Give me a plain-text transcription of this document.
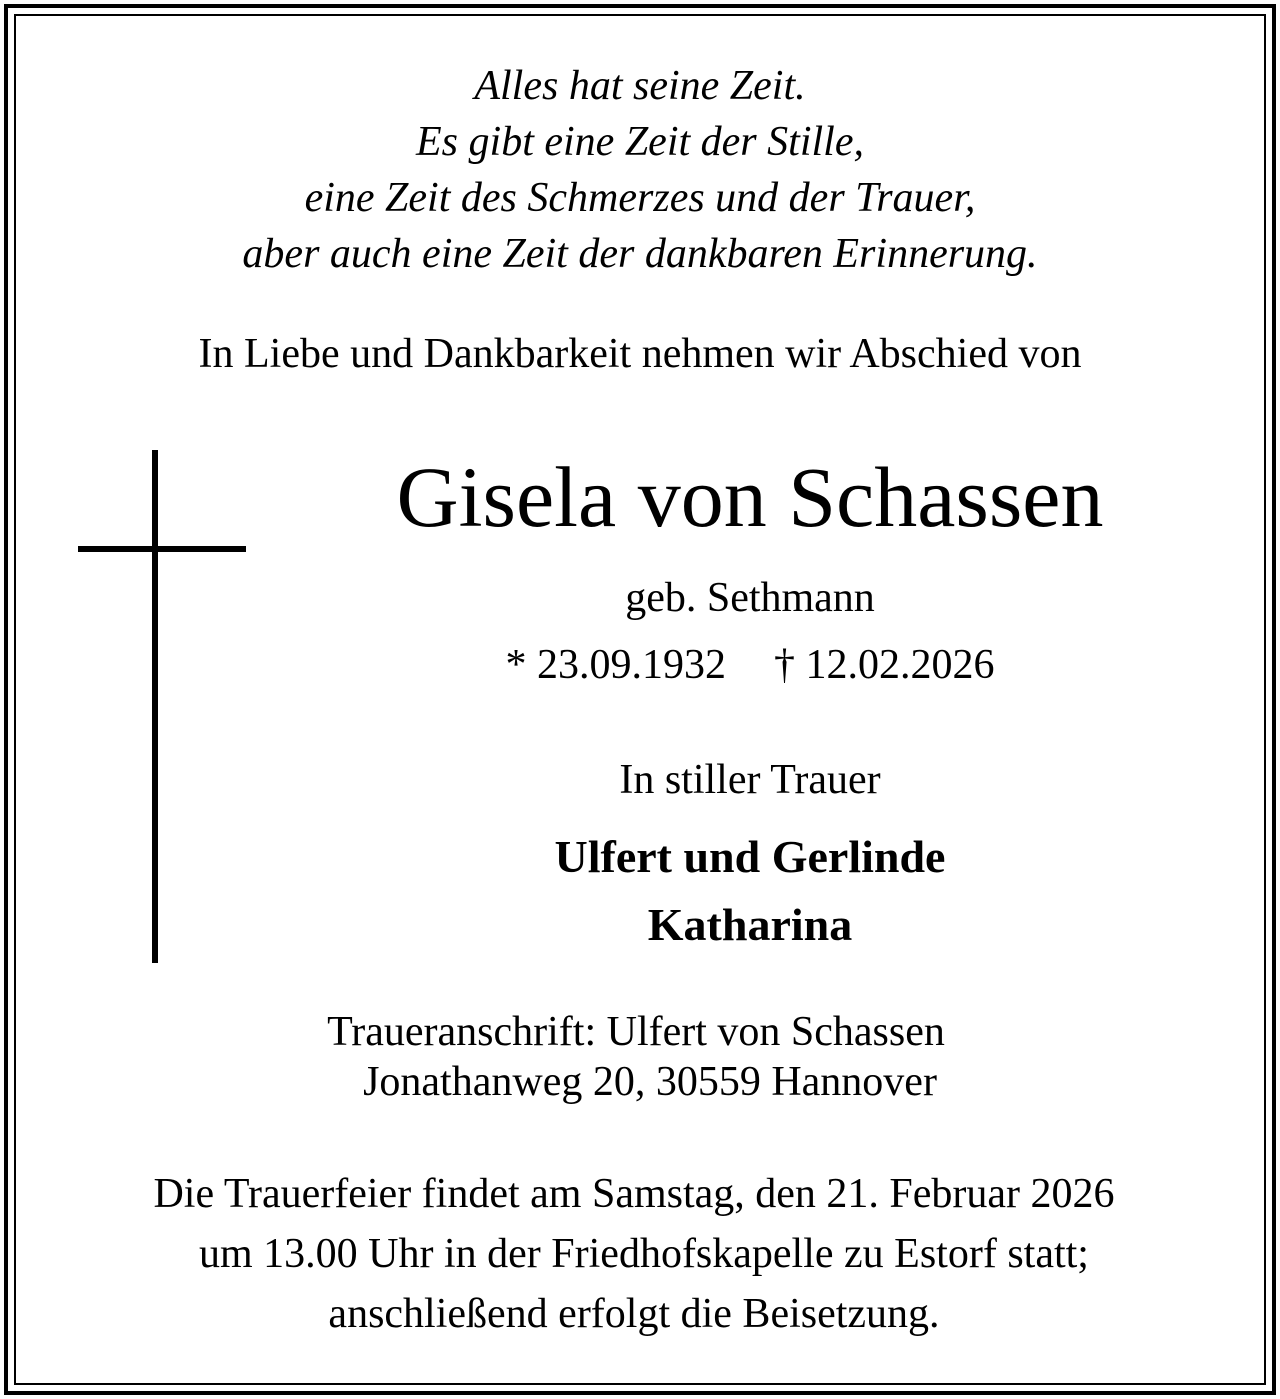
Alles hat seine Zeit.
Es gibt eine Zeit der Stille,
eine Zeit des Schmerzes und der Trauer,
aber auch eine Zeit der dankbaren Erinnerung.
In Liebe und Dankbarkeit nehmen wir Abschied von
Gisela von Schassen
geb. Sethmann
* 23.09.1932 † 12.02.2026
In stiller Trauer
Ulfert und Gerlinde
Katharina
Traueranschrift: Ulfert von Schassen
Jonathanweg 20, 30559 Hannover
Die Trauerfeier findet am Samstag, den 21. Februar 2026
um 13.00 Uhr in der Friedhofskapelle zu Estorf statt;
anschließend erfolgt die Beisetzung.
